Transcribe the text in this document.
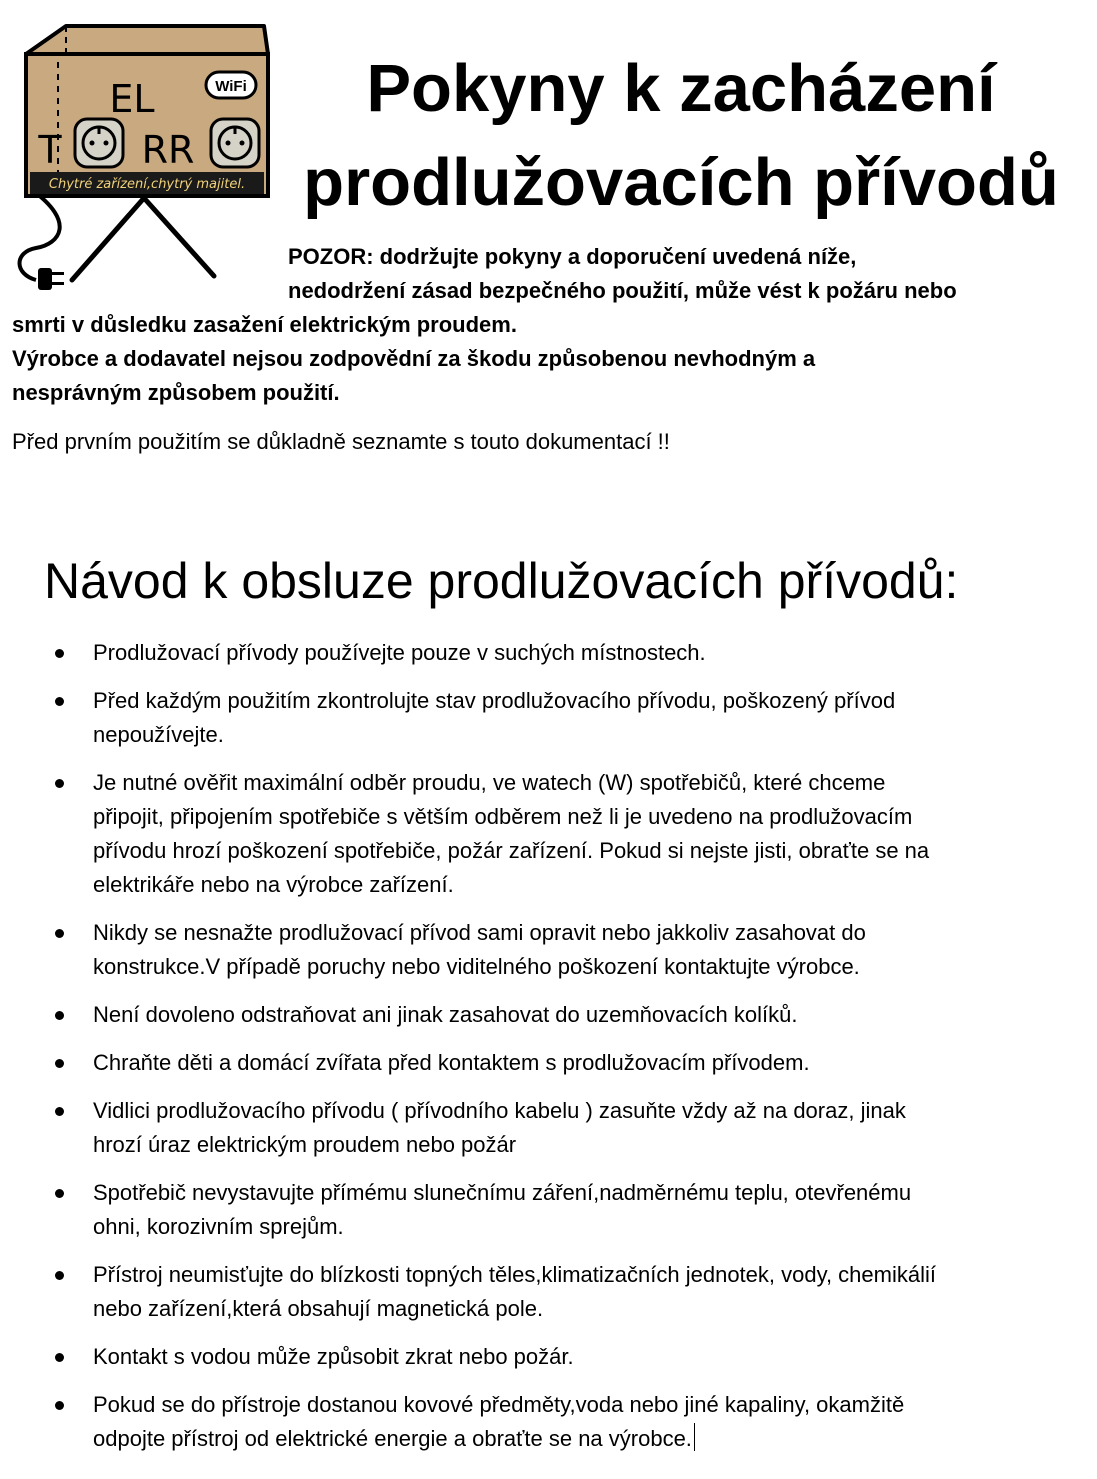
WiFi
EL
T RR
Chytré zařízení,chytrý majitel.
Pokyny k zacházení
prodlužovacích přívodů

POZOR: dodržujte pokyny a doporučení uvedená níže,

nedodržení zásad bezpečného použití, může vést k požáru nebo

smrti v důsledku zasažení elektrickým proudem.

Výrobce a dodavatel nejsou zodpovědní za škodu způsobenou nevhodným a

nesprávným způsobem použití.

Před prvním použitím se důkladně seznamte s touto dokumentací !!

Návod k obsluze prodlužovacích přívodů:
Prodlužovací přívody používejte pouze v suchých místnostech.
Před každým použitím zkontrolujte stav prodlužovacího přívodu, poškozený přívod
nepoužívejte.
Je nutné ověřit maximální odběr proudu, ve watech (W) spotřebičů, které chceme
připojit, připojením spotřebiče s větším odběrem než li je uvedeno na prodlužovacím
přívodu hrozí poškození spotřebiče, požár zařízení. Pokud si nejste jisti, obraťte se na
elektrikáře nebo na výrobce zařízení.
Nikdy se nesnažte prodlužovací přívod sami opravit nebo jakkoliv zasahovat do
konstrukce.V případě poruchy nebo viditelného poškození kontaktujte výrobce.
Není dovoleno odstraňovat ani jinak zasahovat do uzemňovacích kolíků.
Chraňte děti a domácí zvířata před kontaktem s prodlužovacím přívodem.
Vidlici prodlužovacího přívodu ( přívodního kabelu ) zasuňte vždy až na doraz, jinak
hrozí úraz elektrickým proudem nebo požár
Spotřebič nevystavujte přímému slunečnímu záření,nadměrnému teplu, otevřenému
ohni, korozivním sprejům.
Přístroj neumisťujte do blízkosti topných těles,klimatizačních jednotek, vody, chemikálií
nebo zařízení,která obsahují magnetická pole.
Kontakt s vodou může způsobit zkrat nebo požár.
Pokud se do přístroje dostanou kovové předměty,voda nebo jiné kapaliny, okamžitě
odpojte přístroj od elektrické energie a obraťte se na výrobce.
